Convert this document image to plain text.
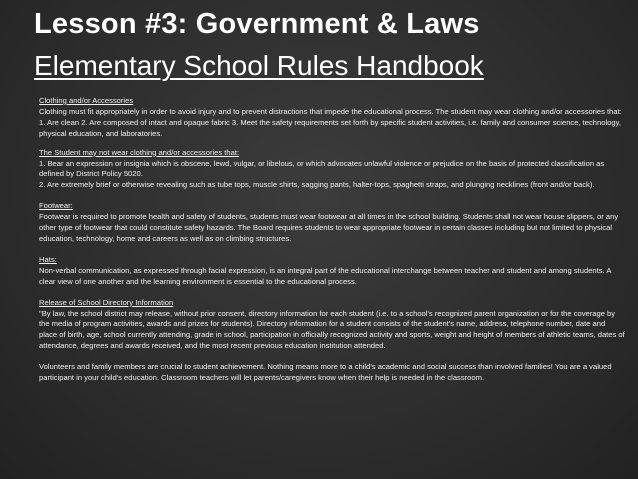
Lesson #3: Government & Laws
Elementary School Rules Handbook

Clothing and/or Accessories

Clothing must fit appropriately in order to avoid injury and to prevent distractions that impede the educational process. The student may wear clothing and/or accessories that:

1. Are clean 2. Are composed of intact and opaque fabric 3. Meet the safety requirements set forth by specific student activities, i.e. family and consumer science, technology, physical education, and laboratories.

The Student may not wear clothing and/or accessories that:

1. Bear an expression or insignia which is obscene, lewd, vulgar, or libelous, or which advocates unlawful violence or prejudice on the basis of protected classification as defined by District Policy 5020.

2. Are extremely brief or otherwise revealing such as tube tops, muscle shirts, sagging pants, halter-tops, spaghetti straps, and plunging necklines (front and/or back).

Footwear:

Footwear is required to promote health and safety of students, students must wear footwear at all times in the school building. Students shall not wear house slippers, or any other type of footwear that could constitute safety hazards. The Board requires students to wear appropriate footwear in certain classes including but not limited to physical education, technology, home and careers as well as on climbing structures.

Hats:

Non-verbal communication, as expressed through facial expression, is an integral part of the educational interchange between teacher and student and among students. A clear view of one another and the learning environment is essential to the educational process.

Release of School Directory Information

"By law, the school district may release, without prior consent, directory information for each student (i.e. to a school's recognized parent organization or for the coverage by the media of program activities, awards and prizes for students). Directory information for a student consists of the student's name, address, telephone number, date and place of birth, age, school currently attending, grade in school, participation in officially recognized activity and sports, weight and height of members of athletic teams, dates of attendance, degrees and awards received, and the most recent previous education institution attended.

Volunteers and family members are crucial to student achievement. Nothing means more to a child's academic and social success than involved families! You are a valued participant in your child's education. Classroom teachers will let parents/caregivers know when their help is needed in the classroom.
